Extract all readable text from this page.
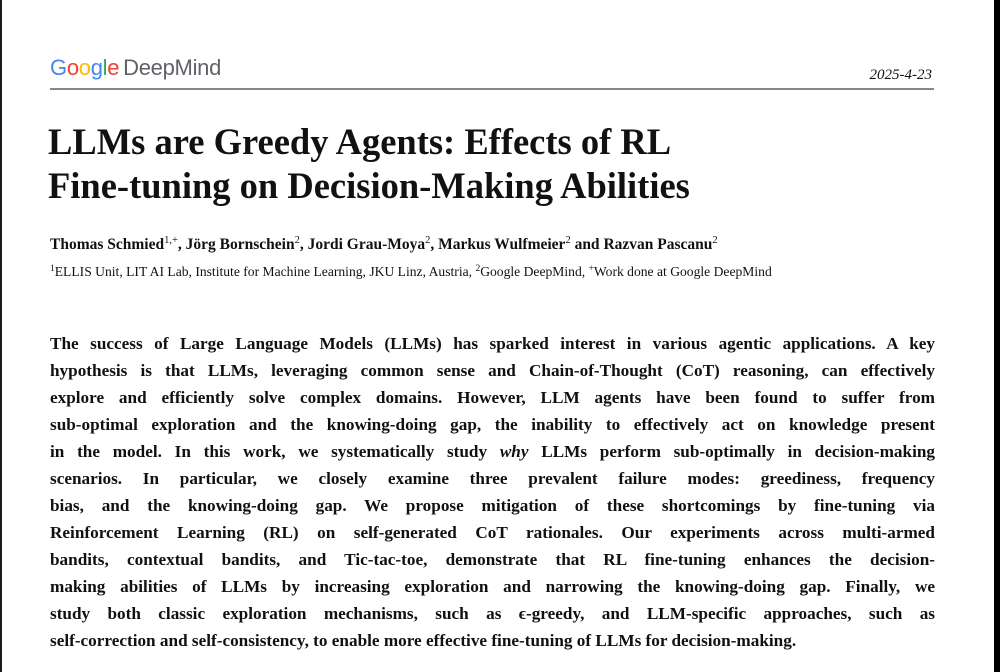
Google DeepMind	2025-4-23
LLMs are Greedy Agents: Effects of RL
Fine-tuning on Decision-Making Abilities
Thomas Schmied$^{1,+}$, Jörg Bornschein$^2$, Jordi Grau-Moya$^2$, Markus Wulfmeier$^2$ and Razvan Pascanu$^2$
$^1$ELLIS Unit, LIT AI Lab, Institute for Machine Learning, JKU Linz, Austria, $^2$Google DeepMind, +Work done at Google DeepMind
The success of Large Language Models (LLMs) has sparked interest in various agentic applications. A key
hypothesis is that LLMs, leveraging common sense and Chain-of-Thought (CoT) reasoning, can effectively
explore and efficiently solve complex domains. However, LLM agents have been found to suffer from
sub-optimal exploration and the knowing-doing gap, the inability to effectively act on knowledge present
in the model. In this work, we systematically study why LLMs perform sub-optimally in decision-making
scenarios. In particular, we closely examine three prevalent failure modes: greediness, frequency
bias, and the knowing-doing gap. We propose mitigation of these shortcomings by fine-tuning via
Reinforcement Learning (RL) on self-generated CoT rationales. Our experiments across multi-armed
bandits, contextual bandits, and Tic-tac-toe, demonstrate that RL fine-tuning enhances the decision-
making abilities of LLMs by increasing exploration and narrowing the knowing-doing gap. Finally, we
study both classic exploration mechanisms, such as ϵ-greedy, and LLM-specific approaches, such as
self-correction and self-consistency, to enable more effective fine-tuning of LLMs for decision-making.
